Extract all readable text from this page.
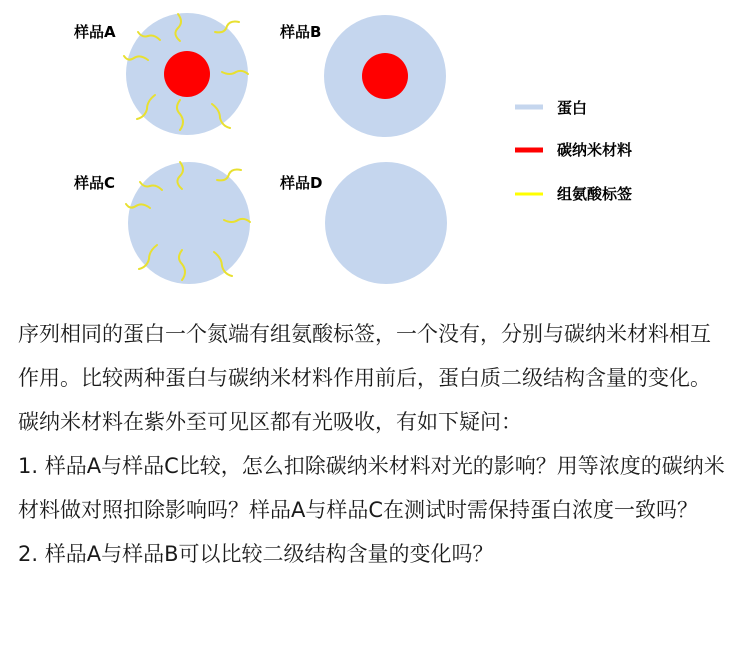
样品A	样品B
样品C	样品D
蛋白
碳纳米材料
组氨酸标签

序列相同的蛋白一个氮端有组氨酸标签，一个没有，分别与碳纳米材料相互作用。比较两种蛋白与碳纳米材料作用前后，蛋白质二级结构含量的变化。碳纳米材料在紫外至可见区都有光吸收，有如下疑问：

1. 样品A与样品C比较，怎么扣除碳纳米材料对光的影响？用等浓度的碳纳米材料做对照扣除影响吗？样品A与样品C在测试时需保持蛋白浓度一致吗？

2. 样品A与样品B可以比较二级结构含量的变化吗？
